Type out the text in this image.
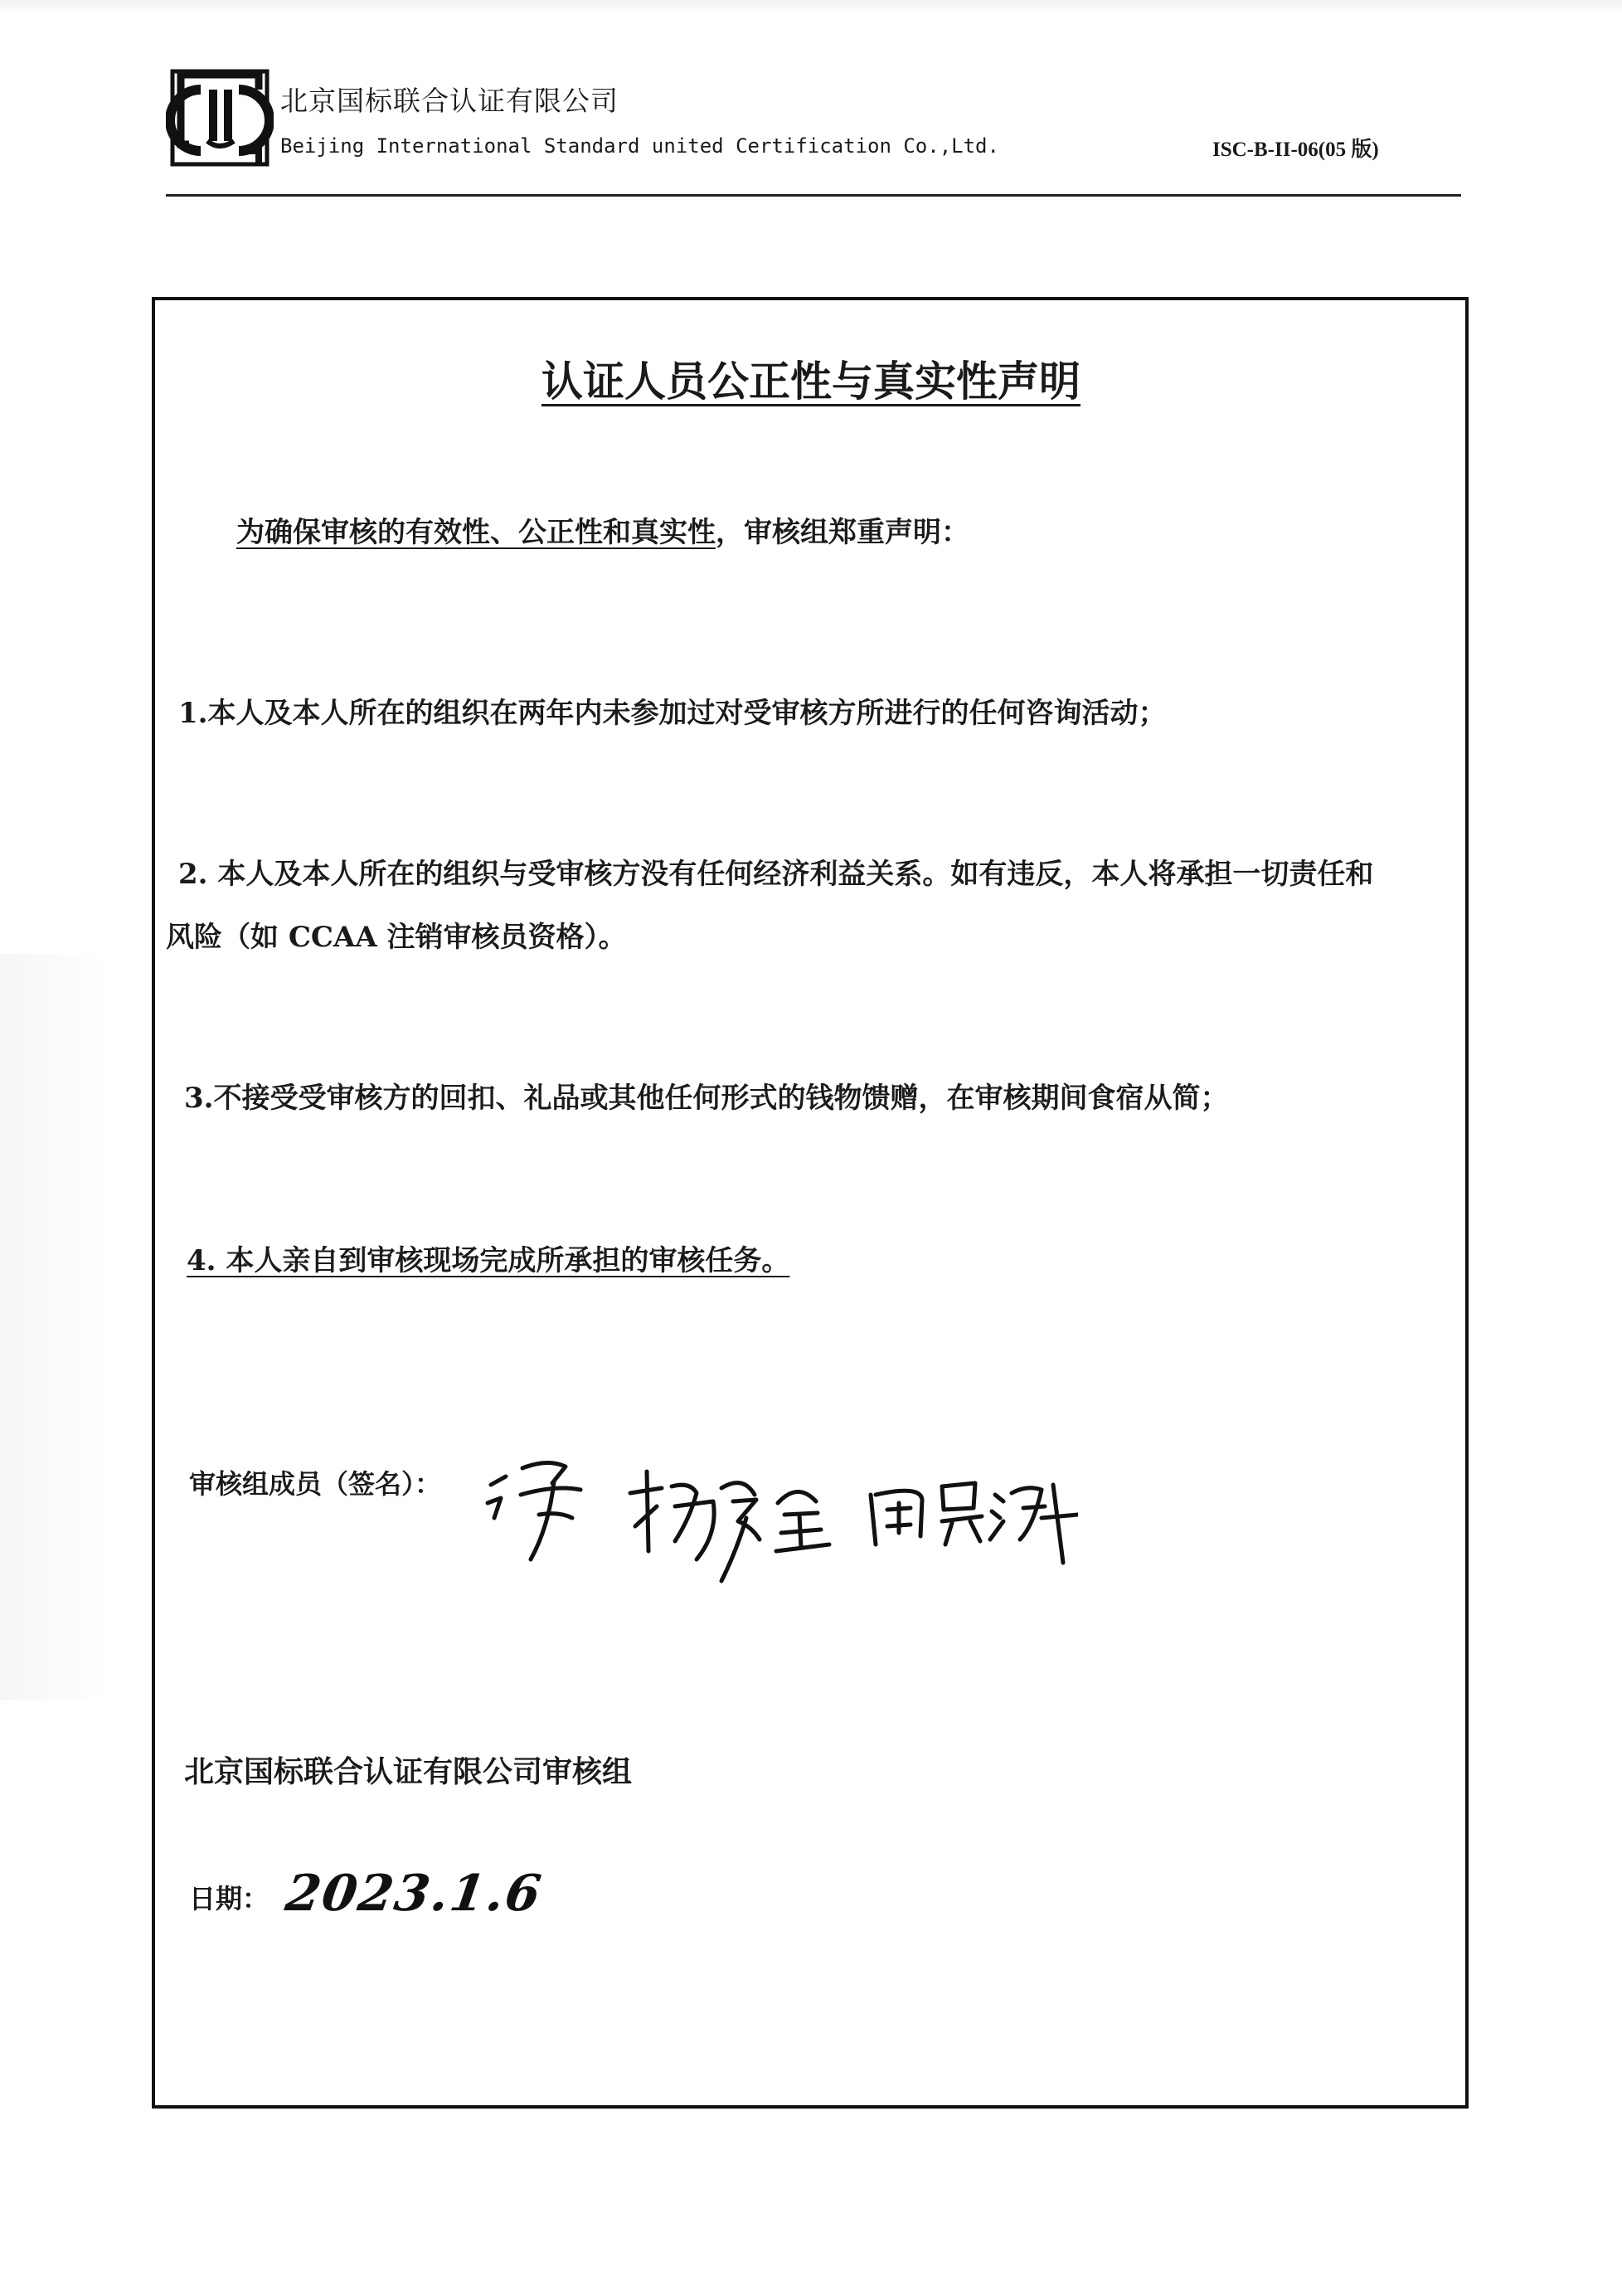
北京国标联合认证有限公司
Beijing International Standard united Certification Co.,Ltd.	ISC-B-II-06(05 版)
认证人员公正性与真实性声明
为确保审核的有效性、公正性和真实性，审核组郑重声明：
1.本人及本人所在的组织在两年内未参加过对受审核方所进行的任何咨询活动；
2. 本人及本人所在的组织与受审核方没有任何经济利益关系。如有违反，本人将承担一切责任和
风险（如 CCAA 注销审核员资格）。
3.不接受受审核方的回扣、礼品或其他任何形式的钱物馈赠，在审核期间食宿从简；
4. 本人亲自到审核现场完成所承担的审核任务。
审核组成员（签名）：
北京国标联合认证有限公司审核组
日期： 2023.1.6
